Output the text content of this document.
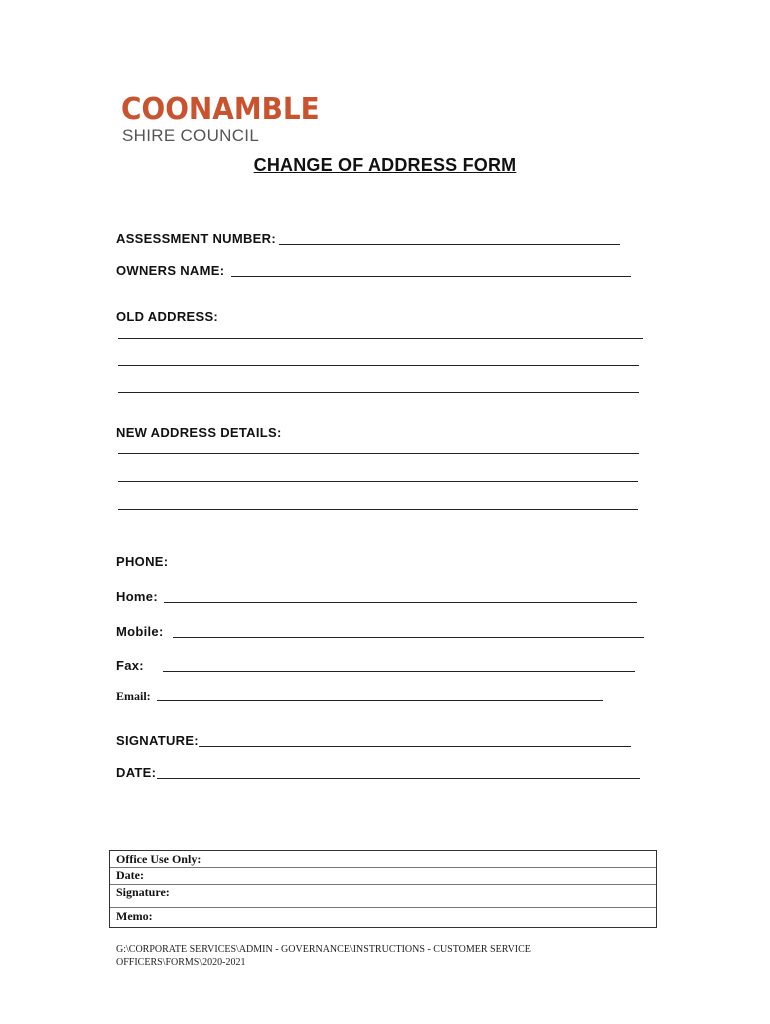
COONAMBLE
SHIRE COUNCIL
CHANGE OF ADDRESS FORM
ASSESSMENT NUMBER:
OWNERS NAME:
OLD ADDRESS:
NEW ADDRESS DETAILS:
PHONE:
Home:
Mobile:
Fax:
Email:
SIGNATURE:
DATE:
Office Use Only:
Date:
Signature:
Memo:
G:\CORPORATE SERVICES\ADMIN - GOVERNANCE\INSTRUCTIONS - CUSTOMER SERVICE OFFICERS\FORMS\2020-2021
